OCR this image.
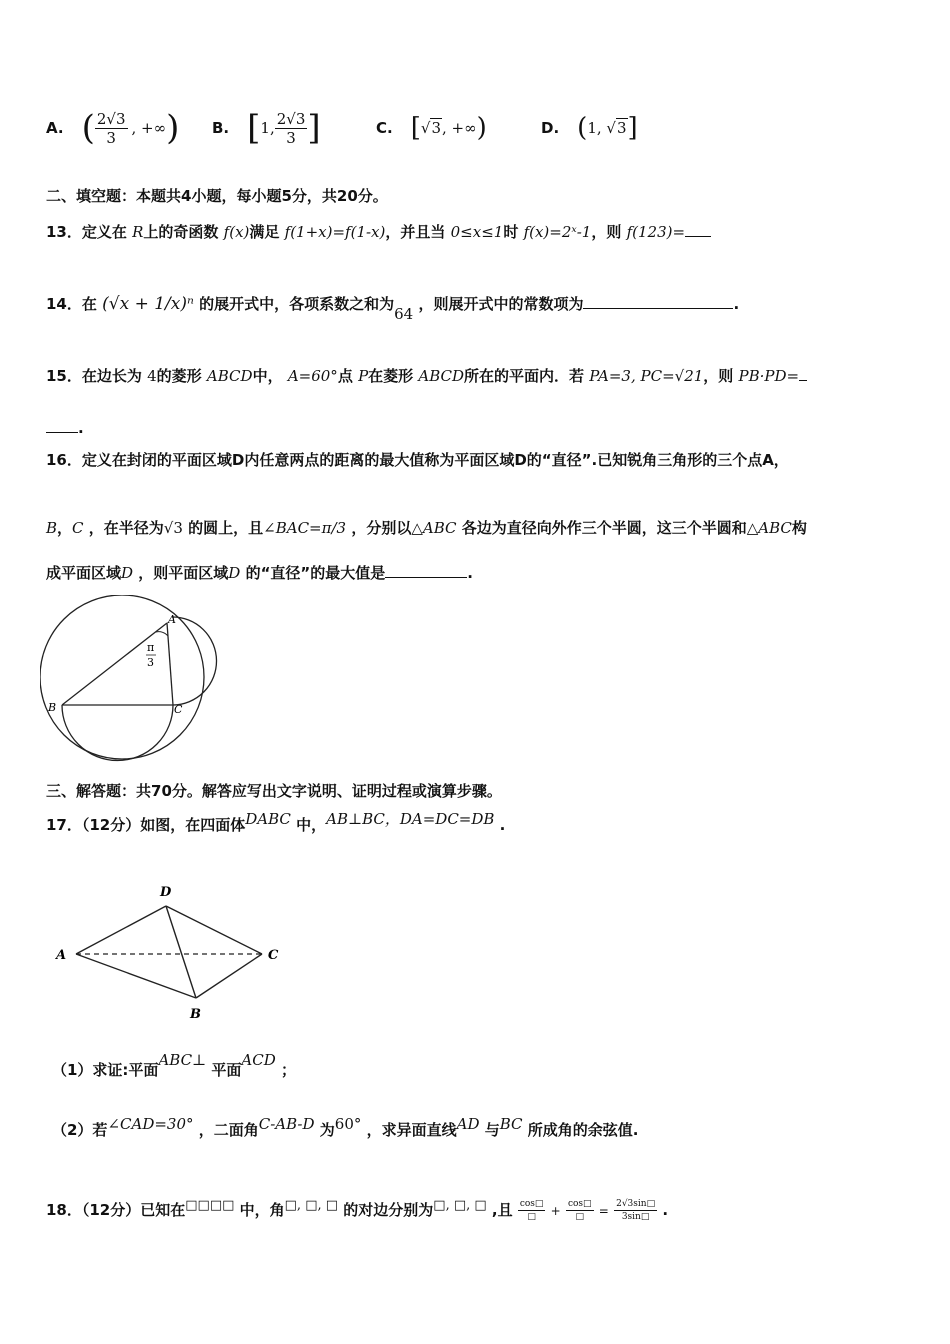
A. ( $\frac{2√3}{3}$ , +∞ ) B. [ 1, $\frac{2√3}{3}$ ]	C. [ √3, +∞ )	D. ( 1, √3 ]
二、填空题：本题共4小题，每小题5分，共20分。
13．定义在 R上的奇函数 f(x)满足 f(1+x)=f(1-x)，并且当 0≤x≤1时 f(x)=2ˣ-1，则 f(123)=
14．在 (√x + 1/x)ⁿ 的展开式中，各项系数之和为64 ，则展开式中的常数项为	.
15．在边长为 4的菱形 ABCD中， A=60°点 P在菱形 ABCD所在的平面内．若 PA=3, PC=√21，则 PB·PD=
.
16．定义在封闭的平面区域D内任意两点的距离的最大值称为平面区域D的“直径”.已知锐角三角形的三个点A，
B，C ，在半径为√3 的圆上，且∠BAC=π/3 ，分别以△ABC 各边为直径向外作三个半圆，这三个半圆和△ABC构
成平面区域D ，则平面区域D 的“直径”的最大值是	.
A
B	C
π
3
三、解答题：共70分。解答应写出文字说明、证明过程或演算步骤。
17．（12分）如图，在四面体DABC 中，AB⊥BC，DA=DC=DB .
D
A	C
B
（1）求证:平面ABC⊥ 平面ACD ；
（2）若∠CAD=30° ，二面角C-AB-D 为60° ，求异面直线AD 与BC 所成角的余弦值.
18．（12分）已知在□□□□ 中，角□, □, □ 的对边分别为□, □, □ ,且 $\frac{\cos□}{□} + \frac{\cos□}{□} = \frac{2√3\sin□}{3\sin□}$ .
